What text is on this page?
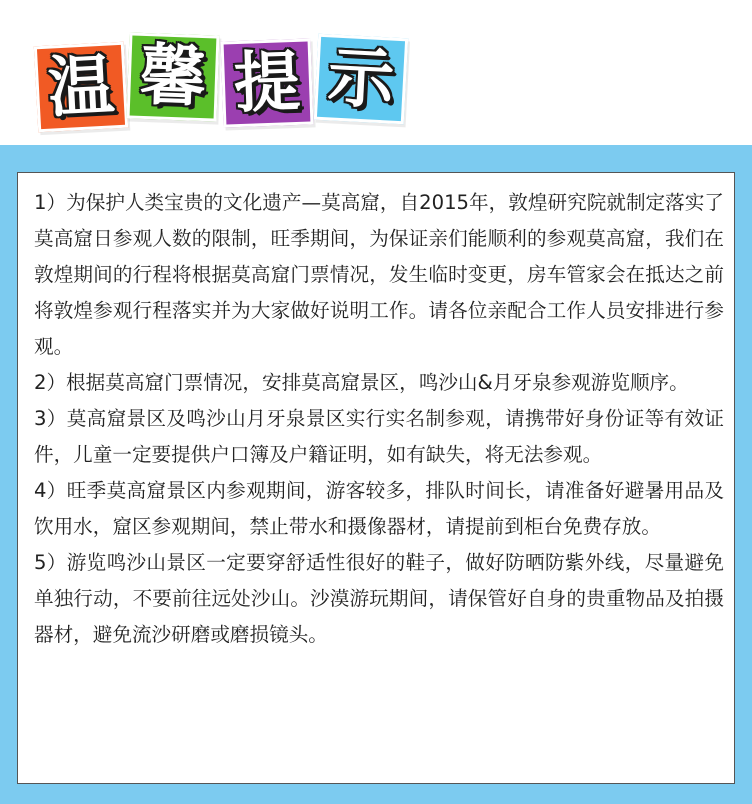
温 馨 提 示

1）为保护人类宝贵的文化遗产—莫高窟，自2015年，敦煌研究院就制定落实了莫高窟日参观人数的限制，旺季期间，为保证亲们能顺利的参观莫高窟，我们在敦煌期间的行程将根据莫高窟门票情况，发生临时变更，房车管家会在抵达之前将敦煌参观行程落实并为大家做好说明工作。请各位亲配合工作人员安排进行参观。

2）根据莫高窟门票情况，安排莫高窟景区，鸣沙山&月牙泉参观游览顺序。

3）莫高窟景区及鸣沙山月牙泉景区实行实名制参观，请携带好身份证等有效证件，儿童一定要提供户口簿及户籍证明，如有缺失，将无法参观。

4）旺季莫高窟景区内参观期间，游客较多，排队时间长，请准备好避暑用品及饮用水，窟区参观期间，禁止带水和摄像器材，请提前到柜台免费存放。

5）游览鸣沙山景区一定要穿舒适性很好的鞋子，做好防晒防紫外线，尽量避免单独行动，不要前往远处沙山。沙漠游玩期间，请保管好自身的贵重物品及拍摄器材，避免流沙研磨或磨损镜头。
